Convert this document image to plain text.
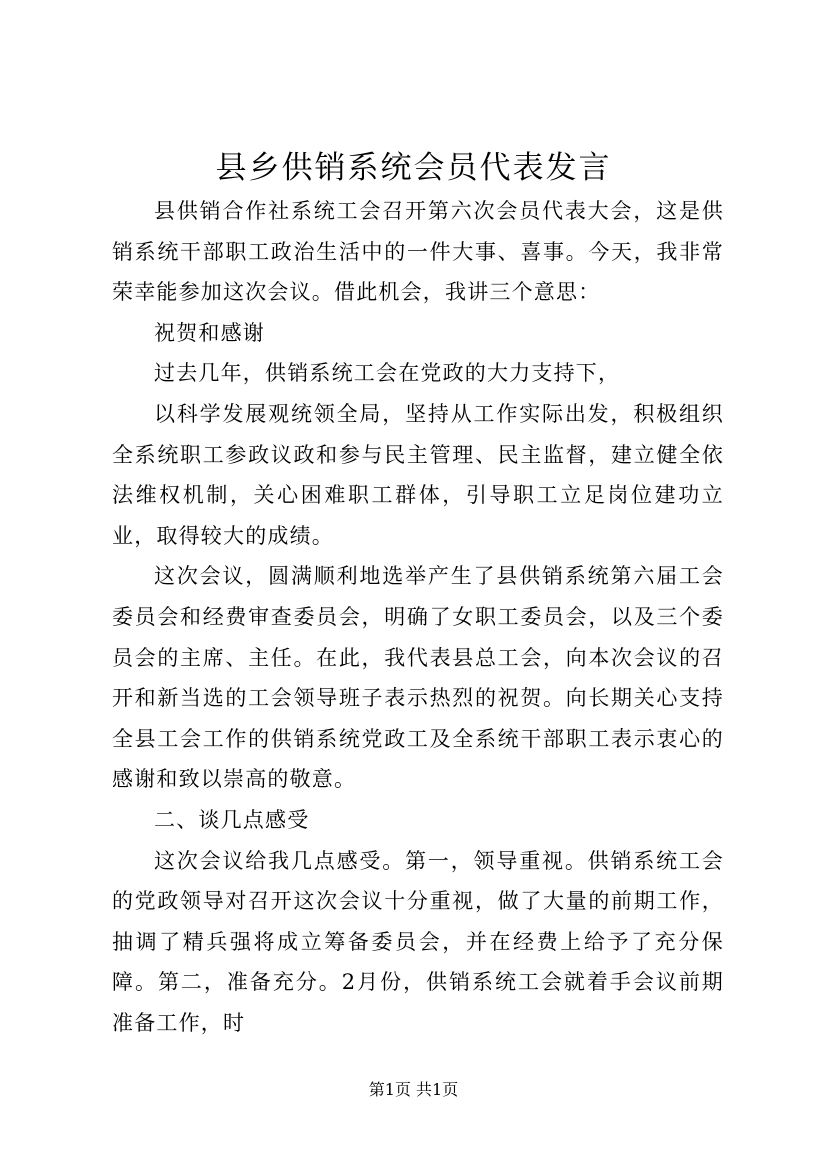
县乡供销系统会员代表发言

县供销合作社系统工会召开第六次会员代表大会，这是供销系统干部职工政治生活中的一件大事、喜事。今天，我非常荣幸能参加这次会议。借此机会，我讲三个意思：

祝贺和感谢

过去几年，供销系统工会在党政的大力支持下，

以科学发展观统领全局，坚持从工作实际出发，积极组织全系统职工参政议政和参与民主管理、民主监督，建立健全依法维权机制，关心困难职工群体，引导职工立足岗位建功立业，取得较大的成绩。

这次会议，圆满顺利地选举产生了县供销系统第六届工会委员会和经费审查委员会，明确了女职工委员会，以及三个委员会的主席、主任。在此，我代表县总工会，向本次会议的召开和新当选的工会领导班子表示热烈的祝贺。向长期关心支持全县工会工作的供销系统党政工及全系统干部职工表示衷心的感谢和致以崇高的敬意。

二、谈几点感受

这次会议给我几点感受。第一，领导重视。供销系统工会的党政领导对召开这次会议十分重视，做了大量的前期工作，抽调了精兵强将成立筹备委员会，并在经费上给予了充分保障。第二，准备充分。2月份，供销系统工会就着手会议前期准备工作，时

第1页 共1页
